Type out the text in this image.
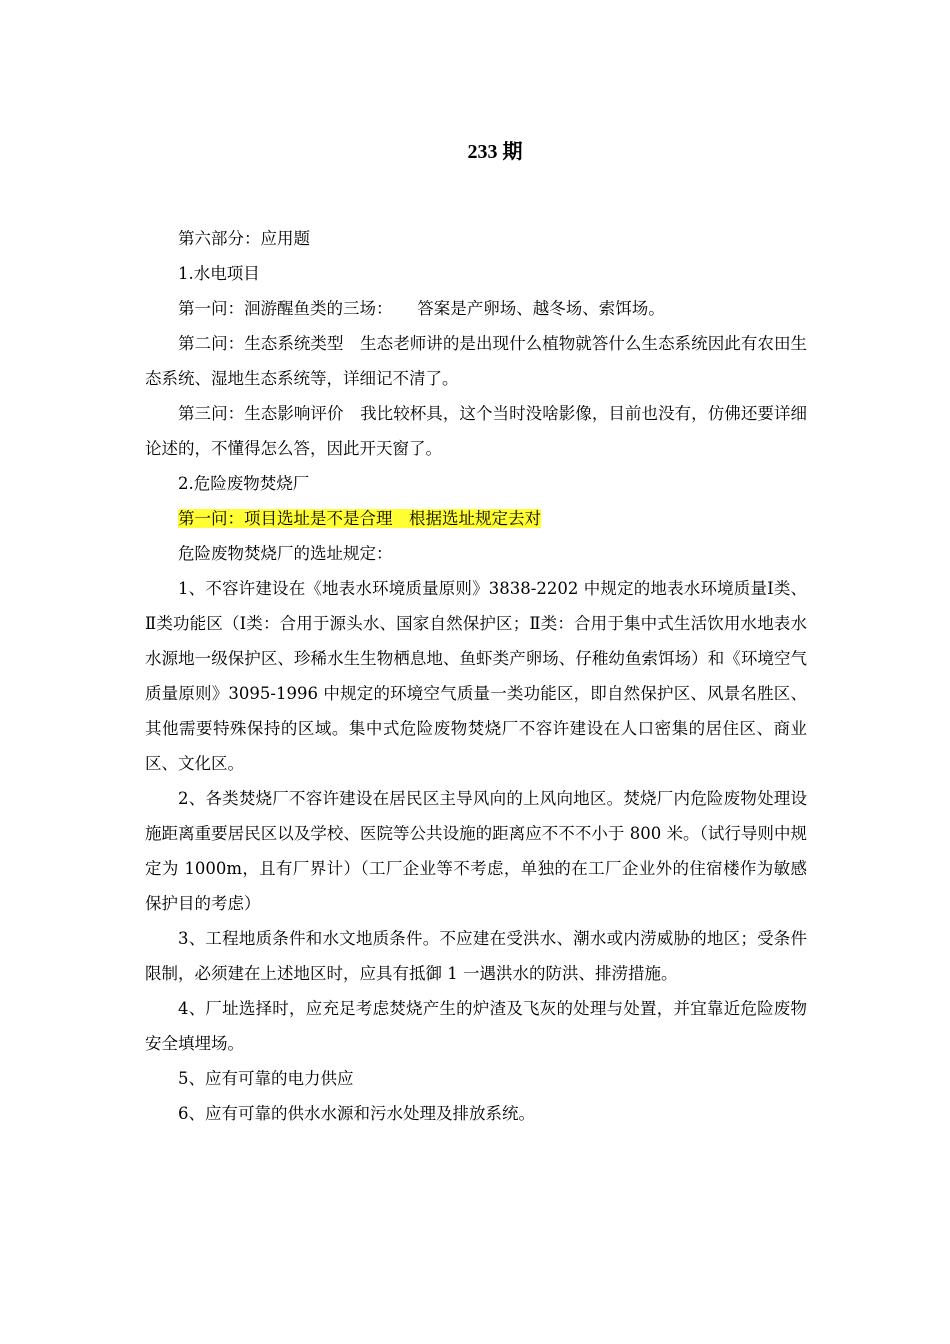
233 期

第六部分：应用题

1.水电项目

第一问：洄游醒鱼类的三场：　　答案是产卵场、越冬场、索饵场。

第二问：生态系统类型　生态老师讲的是出现什么植物就答什么生态系统因此有农田生态系统、湿地生态系统等，详细记不清了。

第三问：生态影响评价　我比较杯具，这个当时没啥影像，目前也没有，仿佛还要详细论述的，不懂得怎么答，因此开天窗了。

2.危险废物焚烧厂

第一问：项目选址是不是合理　根据选址规定去对

危险废物焚烧厂的选址规定：

1、不容许建设在《地表水环境质量原则》3838-2202 中规定的地表水环境质量Ⅰ类、Ⅱ类功能区（Ⅰ类：合用于源头水、国家自然保护区；Ⅱ类：合用于集中式生活饮用水地表水水源地一级保护区、珍稀水生生物栖息地、鱼虾类产卵场、仔稚幼鱼索饵场）和《环境空气质量原则》3095-1996 中规定的环境空气质量一类功能区，即自然保护区、风景名胜区、其他需要特殊保持的区域。集中式危险废物焚烧厂不容许建设在人口密集的居住区、商业区、文化区。

2、各类焚烧厂不容许建设在居民区主导风向的上风向地区。焚烧厂内危险废物处理设施距离重要居民区以及学校、医院等公共设施的距离应不不不小于 800 米。（试行导则中规定为 1000m，且有厂界计）（工厂企业等不考虑，单独的在工厂企业外的住宿楼作为敏感保护目的考虑）

3、工程地质条件和水文地质条件。不应建在受洪水、潮水或内涝威胁的地区；受条件限制，必须建在上述地区时，应具有抵御 1 一遇洪水的防洪、排涝措施。

4、厂址选择时，应充足考虑焚烧产生的炉渣及飞灰的处理与处置，并宜靠近危险废物安全填埋场。

5、应有可靠的电力供应

6、应有可靠的供水水源和污水处理及排放系统。
